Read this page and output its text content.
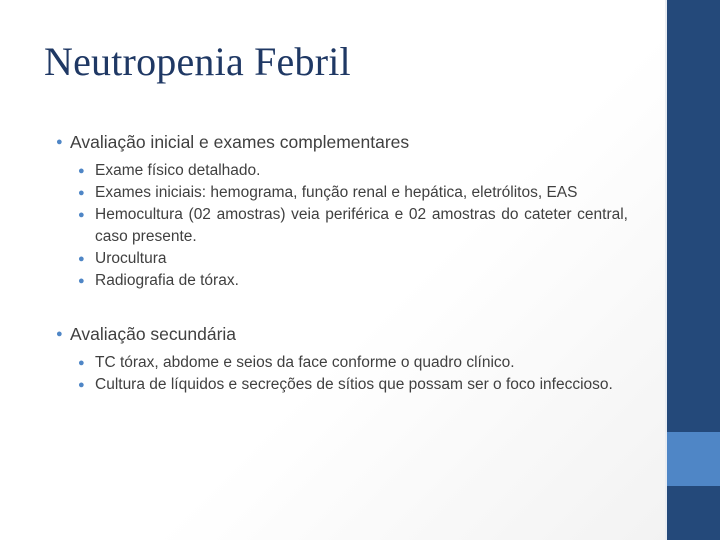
Neutropenia Febril
● Avaliação inicial e exames complementares
● Exame físico detalhado.
● Exames iniciais: hemograma, função renal e hepática, eletrólitos, EAS
● Hemocultura (02 amostras) veia periférica e 02 amostras do cateter central, caso presente.
● Urocultura
● Radiografia de tórax.
● Avaliação secundária
● TC tórax, abdome e seios da face conforme o quadro clínico.
● Cultura de líquidos e secreções de sítios que possam ser o foco infeccioso.
